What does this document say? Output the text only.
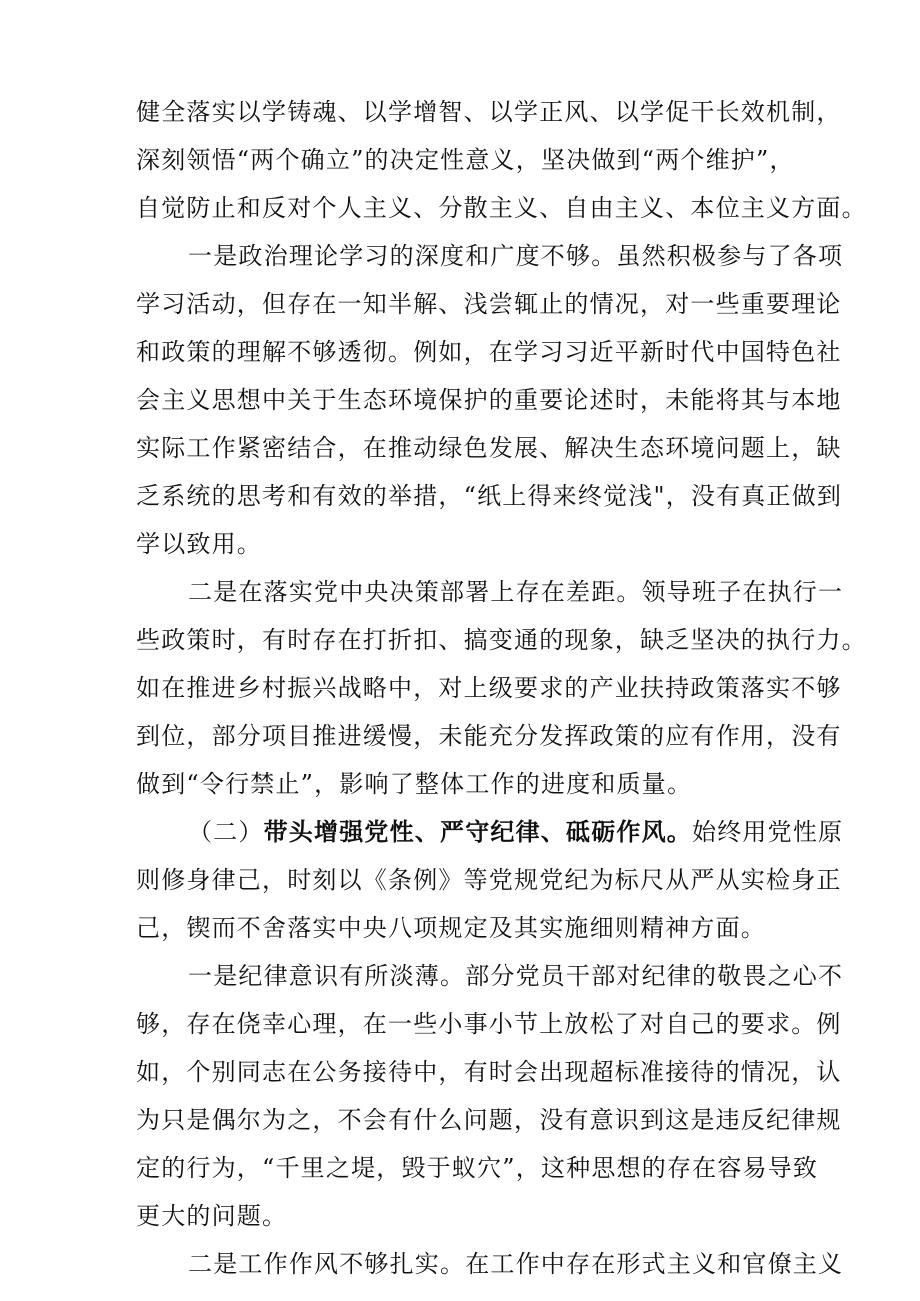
健全落实以学铸魂、以学增智、以学正风、以学促干长效机制，
深刻领悟“两个确立”的决定性意义，坚决做到“两个维护”，
自觉防止和反对个人主义、分散主义、自由主义、本位主义方面。
一是政治理论学习的深度和广度不够。虽然积极参与了各项
学习活动，但存在一知半解、浅尝辄止的情况，对一些重要理论
和政策的理解不够透彻。例如，在学习习近平新时代中国特色社
会主义思想中关于生态环境保护的重要论述时，未能将其与本地
实际工作紧密结合，在推动绿色发展、解决生态环境问题上，缺
乏系统的思考和有效的举措，“纸上得来终觉浅"，没有真正做到
学以致用。
二是在落实党中央决策部署上存在差距。领导班子在执行一
些政策时，有时存在打折扣、搞变通的现象，缺乏坚决的执行力。
如在推进乡村振兴战略中，对上级要求的产业扶持政策落实不够
到位，部分项目推进缓慢，未能充分发挥政策的应有作用，没有
做到“令行禁止”，影响了整体工作的进度和质量。
（二）带头增强党性、严守纪律、砥砺作风。始终用党性原
则修身律己，时刻以《条例》等党规党纪为标尺从严从实检身正
己，锲而不舍落实中央八项规定及其实施细则精神方面。
一是纪律意识有所淡薄。部分党员干部对纪律的敬畏之心不
够，存在侥幸心理，在一些小事小节上放松了对自己的要求。例
如，个别同志在公务接待中，有时会出现超标准接待的情况，认
为只是偶尔为之，不会有什么问题，没有意识到这是违反纪律规
定的行为，“千里之堤，毁于蚁穴”，这种思想的存在容易导致
更大的问题。
二是工作作风不够扎实。在工作中存在形式主义和官僚主义
